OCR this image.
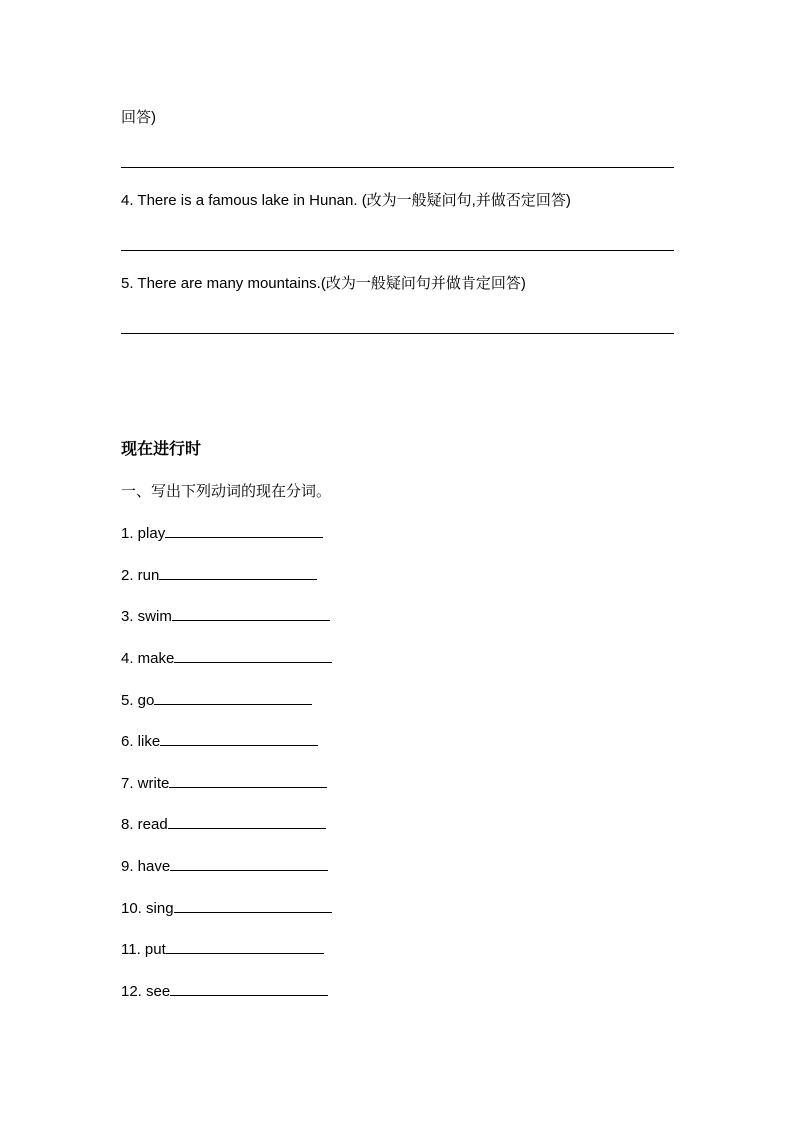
回答)
4. There is a famous lake in Hunan. (改为一般疑问句,并做否定回答)
5. There are many mountains.(改为一般疑问句并做肯定回答)
现在进行时
一、写出下列动词的现在分词。
1. play
2. run
3. swim
4. make
5. go
6. like
7. write
8. read
9. have
10. sing
11. put
12. see
